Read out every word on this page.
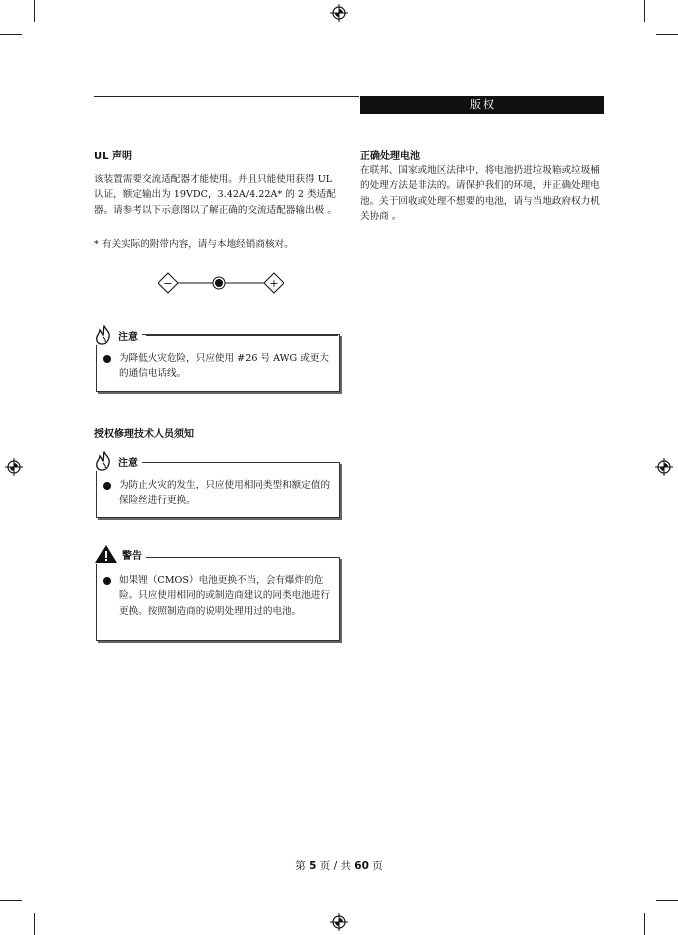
版权
UL 声明

该装置需要交流适配器才能使用。并且只能使用获得 UL 认证，额定输出为 19VDC，3.42A/4.22A* 的 2 类适配器。请参考以下示意图以了解正确的交流适配器输出极 。

* 有关实际的附带内容，请与本地经销商核对。

−	+

为降低火灾危险，只应使用 #26 号 AWG 或更大的通信电话线。

注意
授权修理技术人员须知

为防止火灾的发生，只应使用相同类型和额定值的保险丝进行更换。

注意

如果锂（CMOS）电池更换不当，会有爆炸的危险。只应使用相同的或制造商建议的同类电池进行更换。按照制造商的说明处理用过的电池。

警告
正确处理电池

在联邦、国家或地区法律中，将电池扔进垃圾箱或垃圾桶的处理方法是非法的。请保护我们的环境，并正确处理电池。关于回收或处理不想要的电池，请与当地政府权力机关协商 。

第 5 页 / 共 60 页
